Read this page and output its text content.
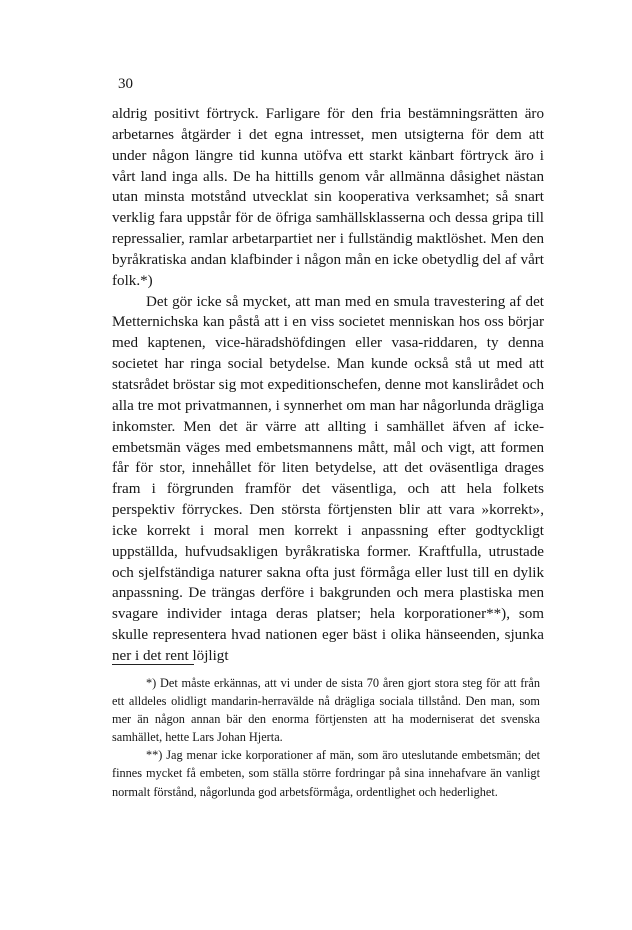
30

aldrig positivt förtryck. Farligare för den fria bestämningsrätten äro arbetarnes åtgärder i det egna intresset, men utsigterna för dem att under någon längre tid kunna utöfva ett starkt känbart förtryck äro i vårt land inga alls. De ha hittills genom vår allmänna dåsighet nästan utan minsta motstånd utvecklat sin kooperativa verksamhet; så snart verklig fara uppstår för de öfriga samhällsklasserna och dessa gripa till repressalier, ramlar arbetarpartiet ner i fullständig maktlöshet. Men den byråkratiska andan klafbinder i någon mån en icke obetydlig del af vårt folk.*)

Det gör icke så mycket, att man med en smula travestering af det Metternichska kan påstå att i en viss societet menniskan hos oss börjar med kaptenen, vice-häradshöfdingen eller vasa-riddaren, ty denna societet har ringa social betydelse. Man kunde också stå ut med att statsrådet bröstar sig mot expeditionschefen, denne mot kanslirådet och alla tre mot privatmannen, i synnerhet om man har någorlunda drägliga inkomster. Men det är värre att allting i samhället äfven af icke-embetsmän väges med embetsmannens mått, mål och vigt, att formen får för stor, innehållet för liten betydelse, att det oväsentliga drages fram i förgrunden framför det väsentliga, och att hela folkets perspektiv förryckes. Den största förtjensten blir att vara »korrekt», icke korrekt i moral men korrekt i anpassning efter godtyckligt uppställda, hufvudsakligen byråkratiska former. Kraftfulla, utrustade och sjelfständiga naturer sakna ofta just förmåga eller lust till en dylik anpassning. De trängas derföre i bakgrunden och mera plastiska men svagare individer intaga deras platser; hela korporationer**), som skulle representera hvad nationen eger bäst i olika hänseenden, sjunka ner i det rent löjligt

*) Det måste erkännas, att vi under de sista 70 åren gjort stora steg för att från ett alldeles olidligt mandarin-herravälde nå drägliga sociala tillstånd. Den man, som mer än någon annan bär den enorma förtjensten att ha moderniserat det svenska samhället, hette Lars Johan Hjerta.

**) Jag menar icke korporationer af män, som äro uteslutande embetsmän; det finnes mycket få embeten, som ställa större fordringar på sina innehafvare än vanligt normalt förstånd, någorlunda god arbetsförmåga, ordentlighet och hederlighet.
